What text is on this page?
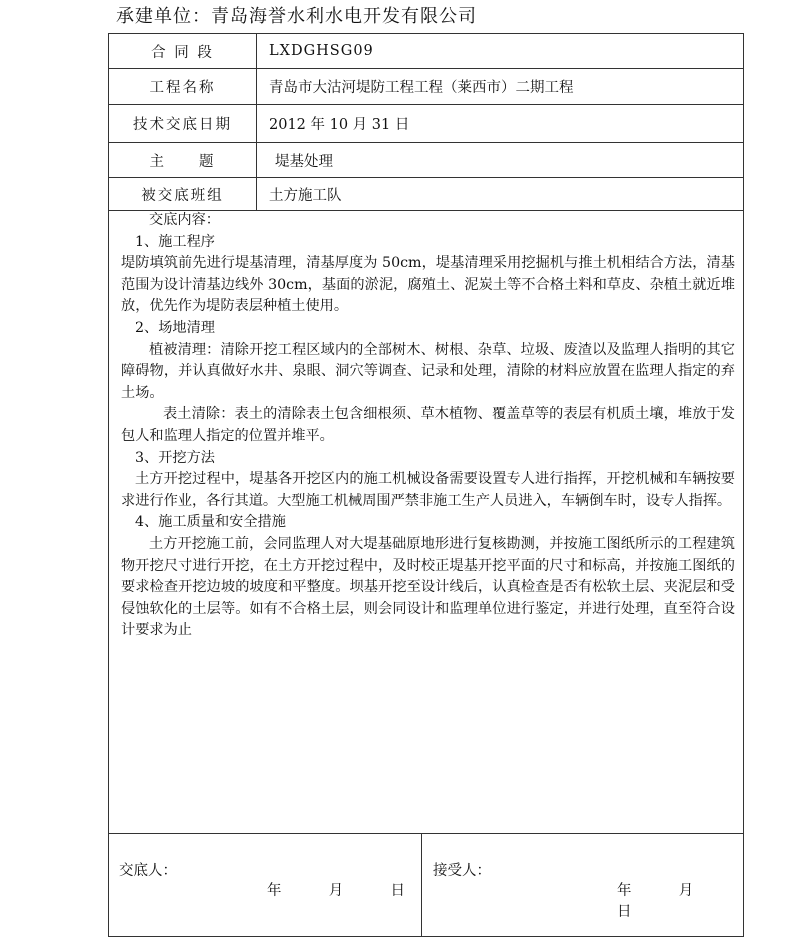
承建单位：青岛海誉水利水电开发有限公司
合 同 段	LXDGHSG09
工程名称	青岛市大沽河堤防工程工程（莱西市）二期工程
技术交底日期	2012 年 10 月 31 日
主　　题	堤基处理
被交底班组	土方施工队

交底内容：

1、施工程序

堤防填筑前先进行堤基清理，清基厚度为 50cm，堤基清理采用挖掘机与推土机相结合方法，清基范围为设计清基边线外 30cm，基面的淤泥，腐殖土、泥炭土等不合格土料和草皮、杂植土就近堆放，优先作为堤防表层种植土使用。

2、场地清理

植被清理：清除开挖工程区域内的全部树木、树根、杂草、垃圾、废渣以及监理人指明的其它障碍物，并认真做好水井、泉眼、洞穴等调查、记录和处理，清除的材料应放置在监理人指定的弃土场。

表土清除：表土的清除表土包含细根须、草木植物、覆盖草等的表层有机质土壤，堆放于发包人和监理人指定的位置并堆平。

3、开挖方法

土方开挖过程中，堤基各开挖区内的施工机械设备需要设置专人进行指挥，开挖机械和车辆按要求进行作业，各行其道。大型施工机械周围严禁非施工生产人员进入，车辆倒车时，设专人指挥。

4、施工质量和安全措施

土方开挖施工前，会同监理人对大堤基础原地形进行复核勘测，并按施工图纸所示的工程建筑物开挖尺寸进行开挖，在土方开挖过程中，及时校正堤基开挖平面的尺寸和标高，并按施工图纸的要求检查开挖边坡的坡度和平整度。坝基开挖至设计线后，认真检查是否有松软土层、夹泥层和受侵蚀软化的土层等。如有不合格土层，则会同设计和监理单位进行鉴定，并进行处理，直至符合设计要求为止

交底人：
年	月	日
接受人：
年	月  日
